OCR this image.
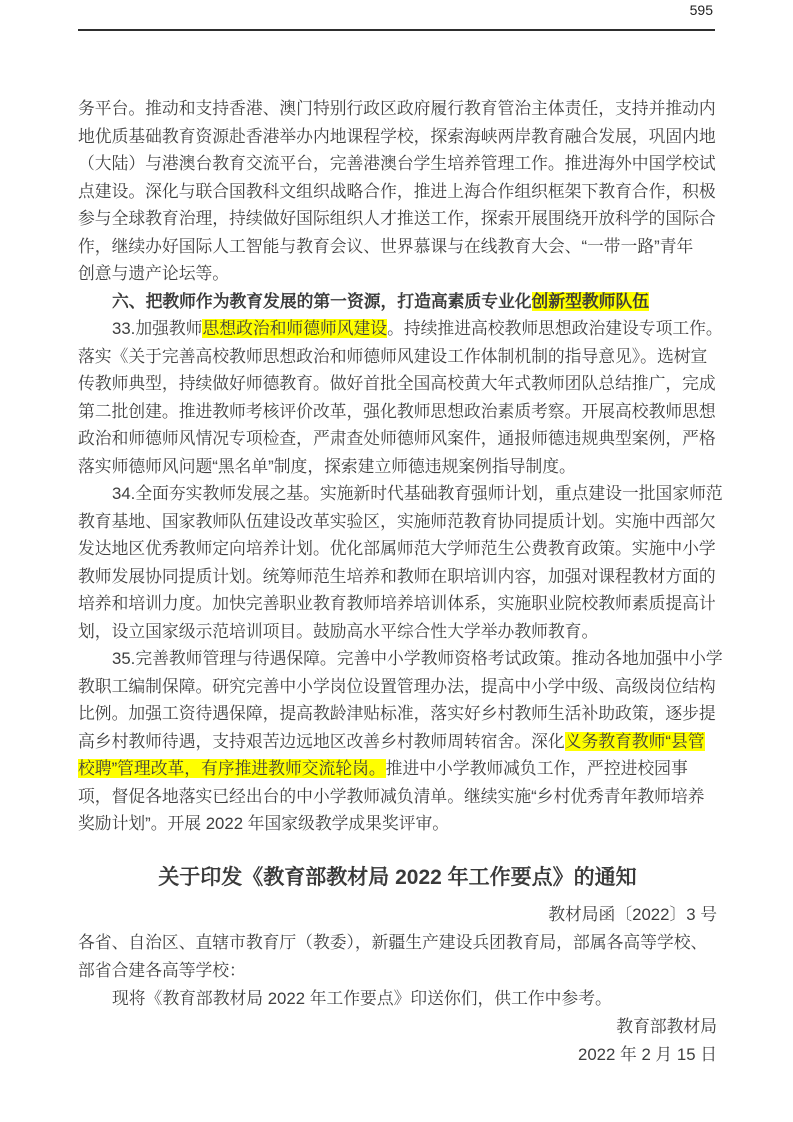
595
务平台。推动和支持香港、澳门特别行政区政府履行教育管治主体责任，支持并推动内
地优质基础教育资源赴香港举办内地课程学校，探索海峡两岸教育融合发展，巩固内地
（大陆）与港澳台教育交流平台，完善港澳台学生培养管理工作。推进海外中国学校试
点建设。深化与联合国教科文组织战略合作，推进上海合作组织框架下教育合作，积极
参与全球教育治理，持续做好国际组织人才推送工作，探索开展围绕开放科学的国际合
作，继续办好国际人工智能与教育会议、世界慕课与在线教育大会、“一带一路”青年
创意与遗产论坛等。
六、把教师作为教育发展的第一资源，打造高素质专业化创新型教师队伍
33.加强教师思想政治和师德师风建设。持续推进高校教师思想政治建设专项工作。
落实《关于完善高校教师思想政治和师德师风建设工作体制机制的指导意见》。选树宣
传教师典型，持续做好师德教育。做好首批全国高校黄大年式教师团队总结推广，完成
第二批创建。推进教师考核评价改革，强化教师思想政治素质考察。开展高校教师思想
政治和师德师风情况专项检查，严肃查处师德师风案件，通报师德违规典型案例，严格
落实师德师风问题“黑名单”制度，探索建立师德违规案例指导制度。
34.全面夯实教师发展之基。实施新时代基础教育强师计划，重点建设一批国家师范
教育基地、国家教师队伍建设改革实验区，实施师范教育协同提质计划。实施中西部欠
发达地区优秀教师定向培养计划。优化部属师范大学师范生公费教育政策。实施中小学
教师发展协同提质计划。统筹师范生培养和教师在职培训内容，加强对课程教材方面的
培养和培训力度。加快完善职业教育教师培养培训体系，实施职业院校教师素质提高计
划，设立国家级示范培训项目。鼓励高水平综合性大学举办教师教育。
35.完善教师管理与待遇保障。完善中小学教师资格考试政策。推动各地加强中小学
教职工编制保障。研究完善中小学岗位设置管理办法，提高中小学中级、高级岗位结构
比例。加强工资待遇保障，提高教龄津贴标准，落实好乡村教师生活补助政策，逐步提
高乡村教师待遇，支持艰苦边远地区改善乡村教师周转宿舍。深化义务教育教师“县管
校聘”管理改革，有序推进教师交流轮岗。推进中小学教师减负工作，严控进校园事
项，督促各地落实已经出台的中小学教师减负清单。继续实施“乡村优秀青年教师培养
奖励计划”。开展 2022 年国家级教学成果奖评审。
关于印发《教育部教材局 2022 年工作要点》的通知
教材局函〔2022〕3 号
各省、自治区、直辖市教育厅（教委），新疆生产建设兵团教育局，部属各高等学校、
部省合建各高等学校：
现将《教育部教材局 2022 年工作要点》印送你们，供工作中参考。
教育部教材局
2022 年 2 月 15 日
